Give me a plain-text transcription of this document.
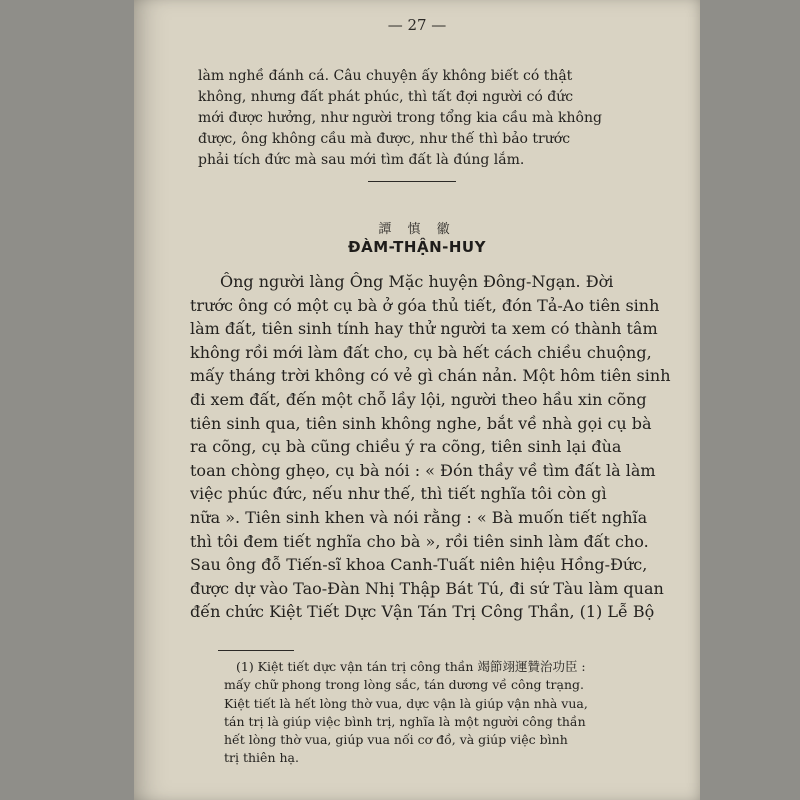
— 27 —

làm nghề đánh cá. Câu chuyện ấy không biết có thật
không, nhưng đất phát phúc, thì tất đợi người có đức
mới được hưởng, như người trong tổng kia cầu mà không
được, ông không cầu mà được, như thế thì bảo trước
phải tích đức mà sau mới tìm đất là đúng lắm.

譚 慎 徽
ĐÀM-THẬN-HUY

Ông người làng Ông Mặc huyện Đông-Ngạn. Đời
trước ông có một cụ bà ở góa thủ tiết, đón Tả-Ao tiên sinh
làm đất, tiên sinh tính hay thử người ta xem có thành tâm
không rồi mới làm đất cho, cụ bà hết cách chiều chuộng,
mấy tháng trời không có vẻ gì chán nản. Một hôm tiên sinh
đi xem đất, đến một chỗ lầy lội, người theo hầu xin cõng
tiên sinh qua, tiên sinh không nghe, bắt về nhà gọi cụ bà
ra cõng, cụ bà cũng chiều ý ra cõng, tiên sinh lại đùa
toan chòng ghẹo, cụ bà nói : « Đón thầy về tìm đất là làm
việc phúc đức, nếu như thế, thì tiết nghĩa tôi còn gì
nữa ». Tiên sinh khen và nói rằng : « Bà muốn tiết nghĩa
thì tôi đem tiết nghĩa cho bà », rồi tiên sinh làm đất cho.
Sau ông đỗ Tiến-sĩ khoa Canh-Tuất niên hiệu Hồng-Đức,
được dự vào Tao-Đàn Nhị Thập Bát Tú, đi sứ Tàu làm quan
đến chức Kiệt Tiết Dực Vận Tán Trị Công Thần, (1) Lễ Bộ

(1) Kiệt tiết dực vận tán trị công thần 竭節翊運贊治功臣 :
mấy chữ phong trong lòng sắc, tán dương về công trạng.
Kiệt tiết là hết lòng thờ vua, dực vận là giúp vận nhà vua,
tán trị là giúp việc bình trị, nghĩa là một người công thần
hết lòng thờ vua, giúp vua nối cơ đồ, và giúp việc bình
trị thiên hạ.
